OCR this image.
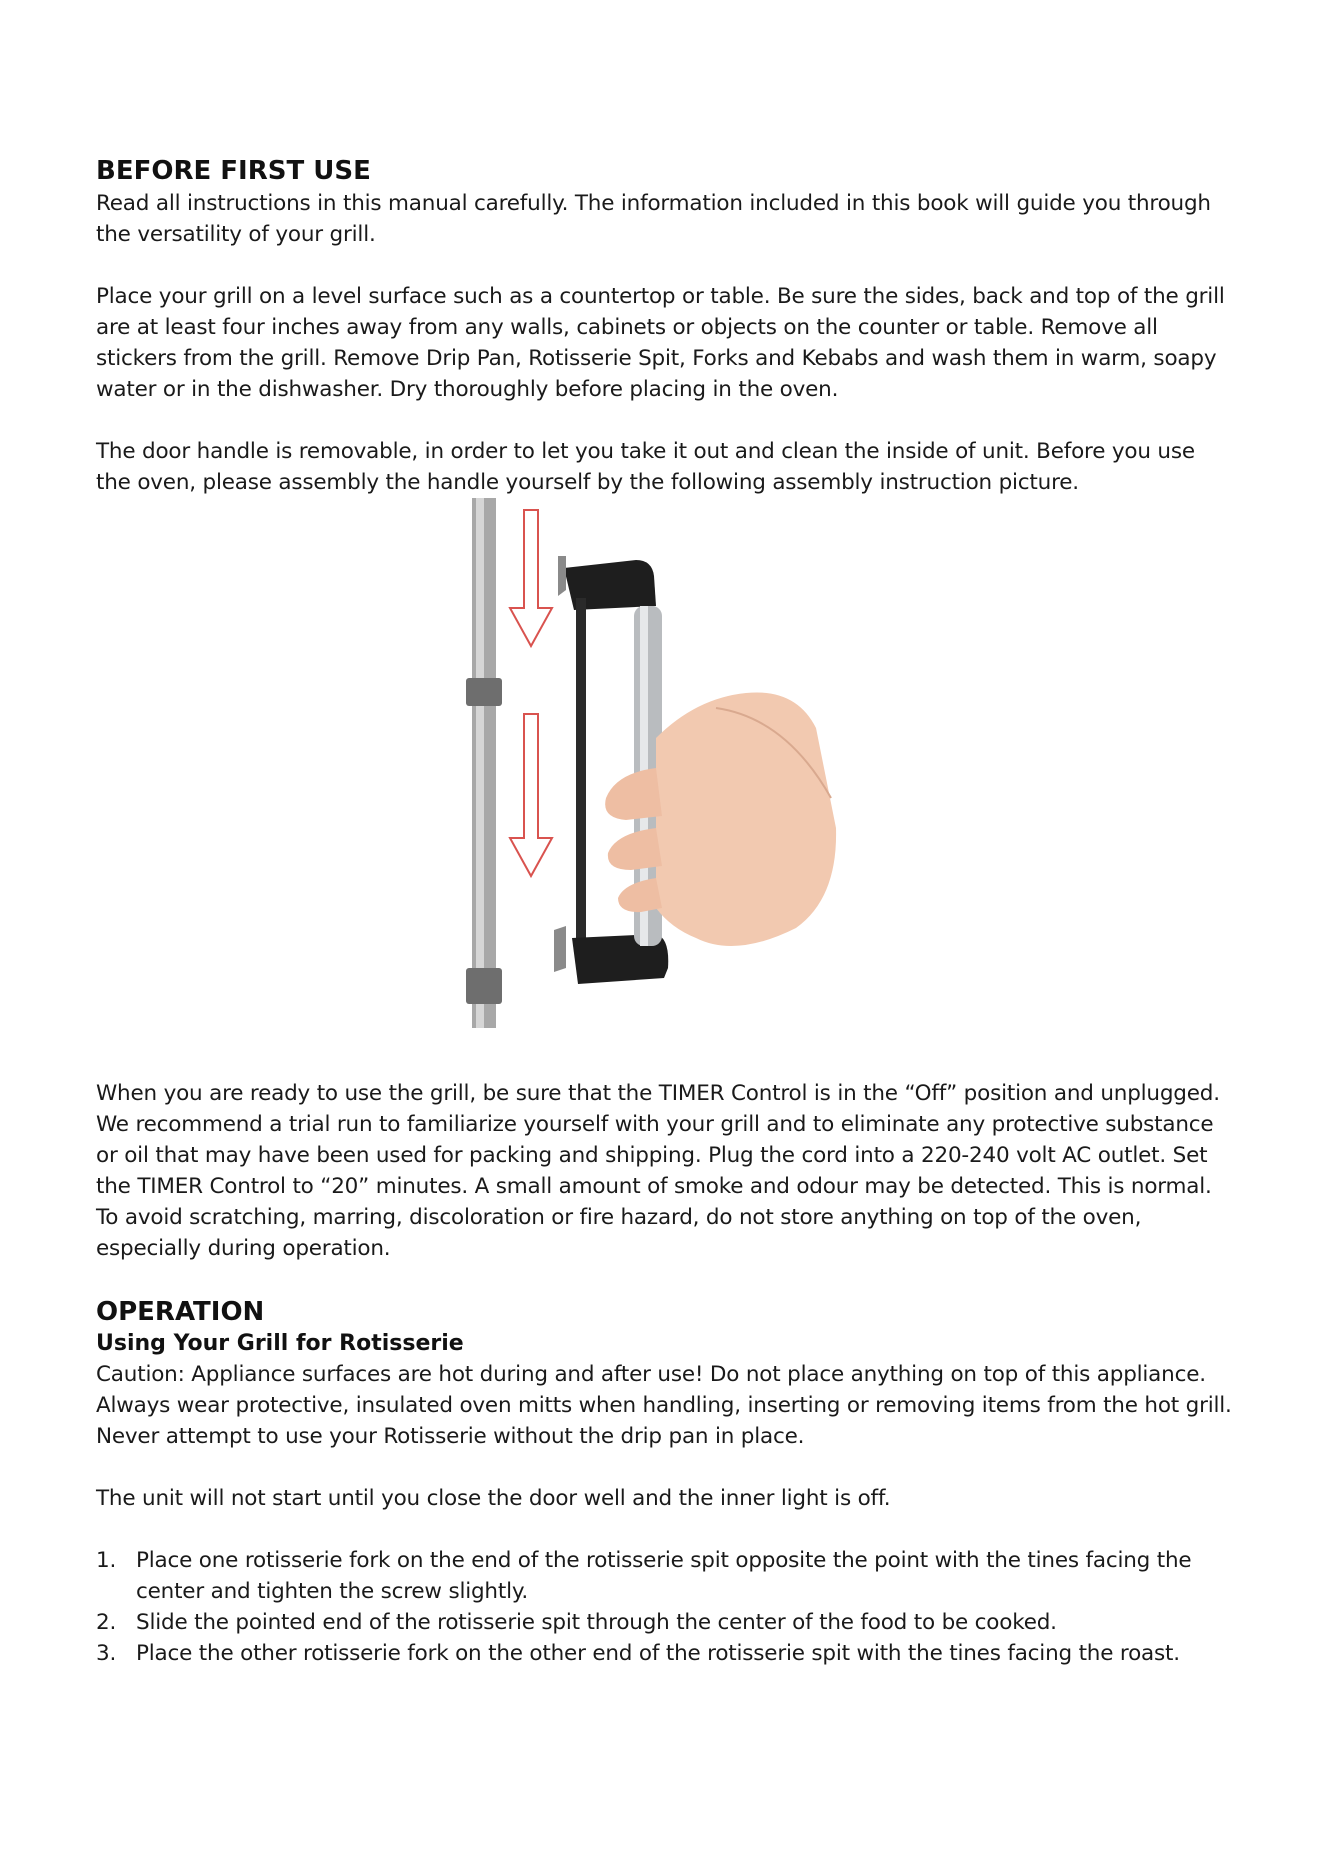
BEFORE FIRST USE

Read all instructions in this manual carefully. The information included in this book will guide you through the versatility of your grill.

Place your grill on a level surface such as a countertop or table. Be sure the sides, back and top of the grill are at least four inches away from any walls, cabinets or objects on the counter or table. Remove all stickers from the grill. Remove Drip Pan, Rotisserie Spit, Forks and Kebabs and wash them in warm, soapy water or in the dishwasher. Dry thoroughly before placing in the oven.

The door handle is removable, in order to let you take it out and clean the inside of unit. Before you use the oven, please assembly the handle yourself by the following assembly instruction picture.

When you are ready to use the grill, be sure that the TIMER Control is in the “Off” position and unplugged. We recommend a trial run to familiarize yourself with your grill and to eliminate any protective substance or oil that may have been used for packing and shipping. Plug the cord into a 220-240 volt AC outlet. Set the TIMER Control to “20” minutes. A small amount of smoke and odour may be detected. This is normal.

To avoid scratching, marring, discoloration or fire hazard, do not store anything on top of the oven, especially during operation.

OPERATION
Using Your Grill for Rotisserie

Caution: Appliance surfaces are hot during and after use! Do not place anything on top of this appliance. Always wear protective, insulated oven mitts when handling, inserting or removing items from the hot grill. Never attempt to use your Rotisserie without the drip pan in place.

The unit will not start until you close the door well and the inner light is off.

1. Place one rotisserie fork on the end of the rotisserie spit opposite the point with the tines facing the center and tighten the screw slightly.
2. Slide the pointed end of the rotisserie spit through the center of the food to be cooked.
3. Place the other rotisserie fork on the other end of the rotisserie spit with the tines facing the roast.
